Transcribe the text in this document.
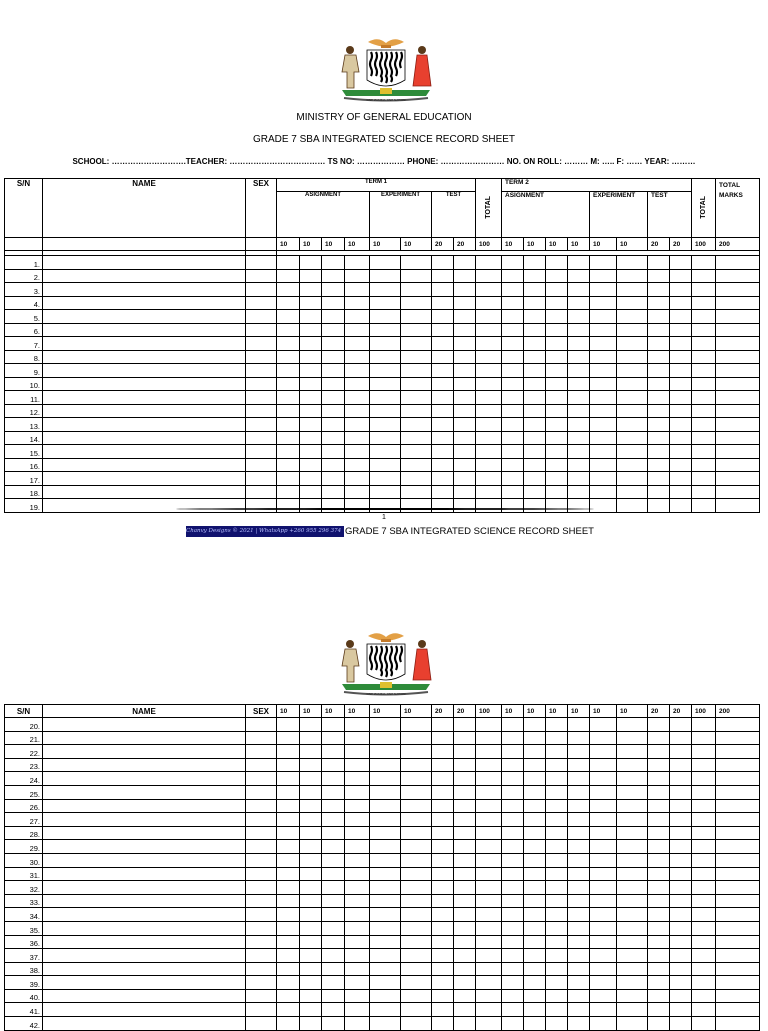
ONE ZAMBIA ONE NATION
MINISTRY OF GENERAL EDUCATION
GRADE 7 SBA INTEGRATED SCIENCE RECORD SHEET
SCHOOL: ……………………….TEACHER: ……………………………… TS NO: ……………… PHONE: …………………… NO. ON ROLL: ……… M: ….. F: …… YEAR: ………
S/N	NAME	SEX	TERM 1								TOTAL	TERM 2								TOTAL	TOTAL MARKS
			ASIGNMENT				EXPERIMENT		TEST			ASIGNMENT				EXPERIMENT		TEST			
			10	10	10	10	10	10	20	20	100	10	10	10	10	10	10	20	20	100	200

1.																					
2.																					
3.																					
4.																					
5.																					
6.																					
7.																					
8.																					
9.																					
10.																					
11.																					
12.																					
13.																					
14.																					
15.																					
16.																					
17.																					
18.																					
19.																					
1
Chanvy Designs © 2021 | WhatsApp +260 955 296 374 GRADE 7 SBA INTEGRATED SCIENCE RECORD SHEET
ONE ZAMBIA ONE NATION
S/N	NAME	SEX	10	10	10	10	10	10	20	20	100	10	10	10	10	10	10	20	20	100	200
20.																					
21.																					
22.																					
23.																					
24.																					
25.																					
26.																					
27.																					
28.																					
29.																					
30.																					
31.																					
32.																					
33.																					
34.																					
35.																					
36.																					
37.																					
38.																					
39.																					
40.																					
41.																					
42.																					
